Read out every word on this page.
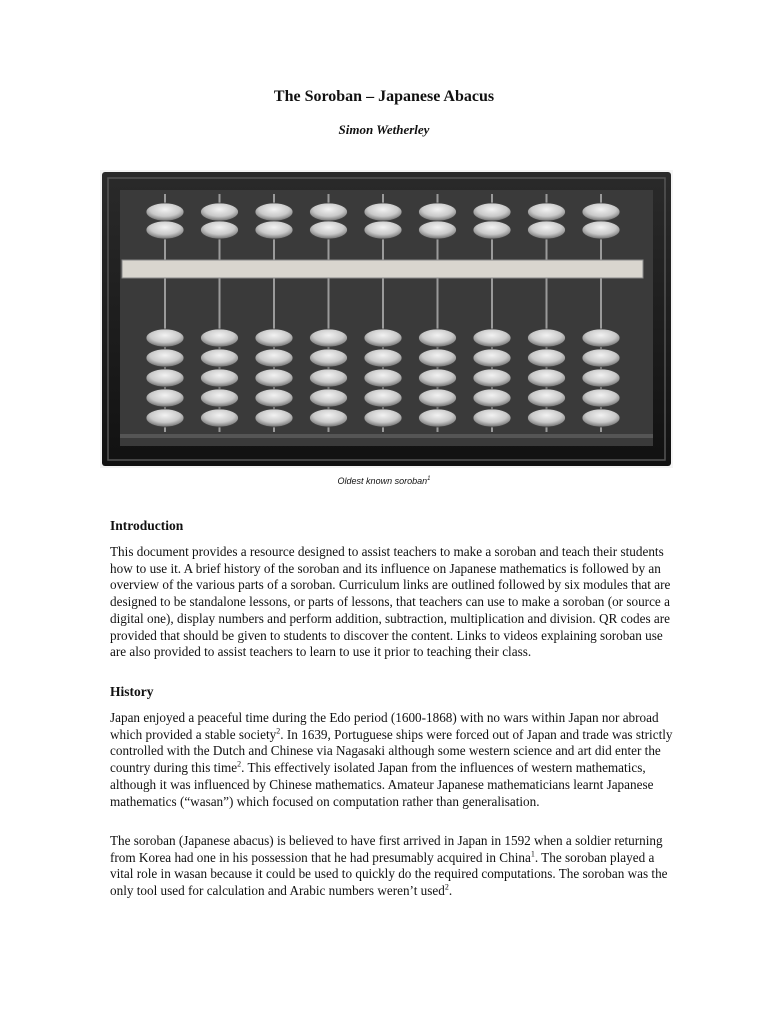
The Soroban – Japanese Abacus
Simon Wetherley
Oldest known soroban$^1$
Introduction

This document provides a resource designed to assist teachers to make a soroban and teach their students how to use it. A brief history of the soroban and its influence on Japanese mathematics is followed by an overview of the various parts of a soroban. Curriculum links are outlined followed by six modules that are designed to be standalone lessons, or parts of lessons, that teachers can use to make a soroban (or source a digital one), display numbers and perform addition, subtraction, multiplication and division. QR codes are provided that should be given to students to discover the content. Links to videos explaining soroban use are also provided to assist teachers to learn to use it prior to teaching their class.

History

Japan enjoyed a peaceful time during the Edo period (1600-1868) with no wars within Japan nor abroad which provided a stable society$^2$. In 1639, Portuguese ships were forced out of Japan and trade was strictly controlled with the Dutch and Chinese via Nagasaki although some western science and art did enter the country during this time$^2$. This effectively isolated Japan from the influences of western mathematics, although it was influenced by Chinese mathematics. Amateur Japanese mathematicians learnt Japanese mathematics (“wasan”) which focused on computation rather than generalisation.

The soroban (Japanese abacus) is believed to have first arrived in Japan in 1592 when a soldier returning from Korea had one in his possession that he had presumably acquired in China$^1$. The soroban played a vital role in wasan because it could be used to quickly do the required computations. The soroban was the only tool used for calculation and Arabic numbers weren’t used$^2$.
